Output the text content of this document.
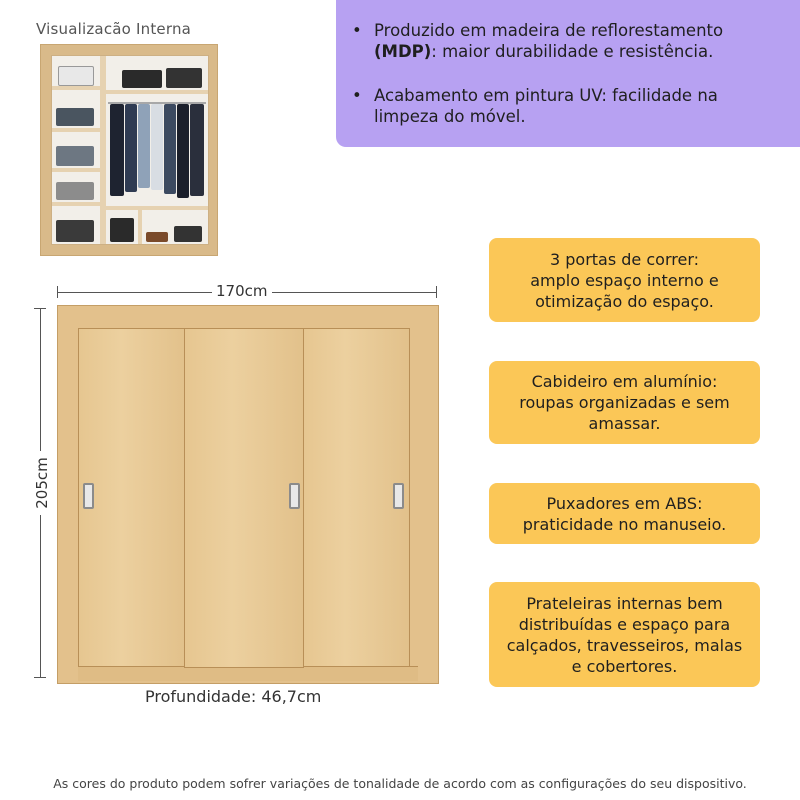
Visualizacão Interna	• Produzido em madeira de reflorestamento (MDP): maior durabilidade e resistência.
• Acabamento em pintura UV: facilidade na limpeza do móvel.
170cm
205cm
Profundidade: 46,7cm
3 portas de correr:
amplo espaço interno e
otimização do espaço.
Cabideiro em alumínio:
roupas organizadas e sem
amassar.
Puxadores em ABS:
praticidade no manuseio.
Prateleiras internas bem
distribuídas e espaço para
calçados, travesseiros, malas
e cobertores.
As cores do produto podem sofrer variações de tonalidade de acordo com as configurações do seu dispositivo.
